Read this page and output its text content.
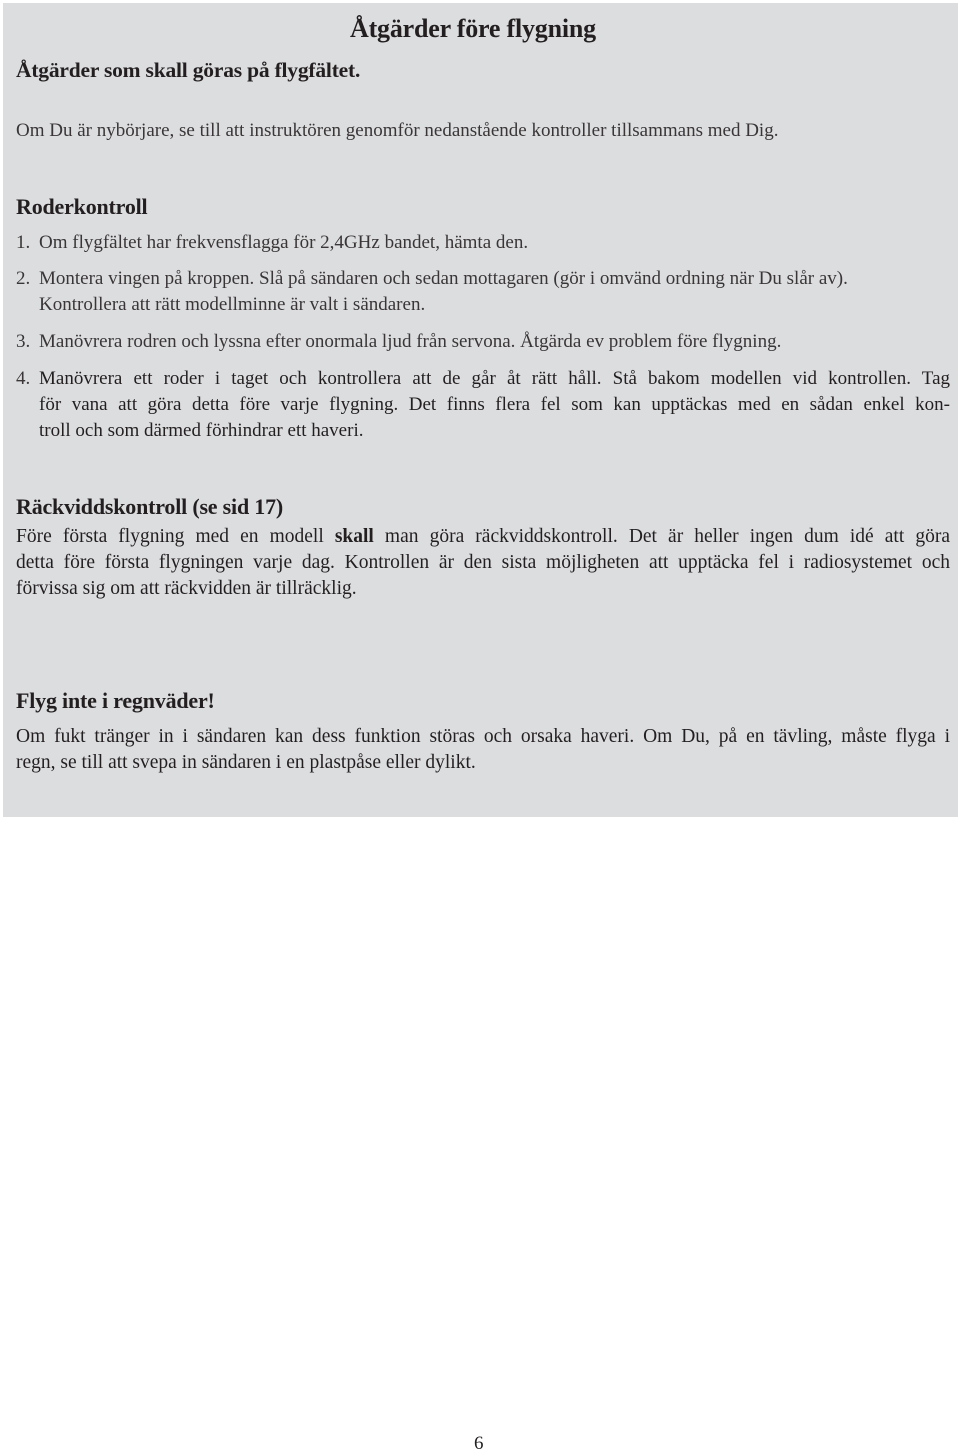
Åtgärder före flygning
Åtgärder som skall göras på flygfältet.
Om Du är nybörjare, se till att instruktören genomför nedanstående kontroller tillsammans med Dig.
Roderkontroll
1. Om flygfältet har frekvensflagga för 2,4GHz bandet, hämta den.
2. Montera vingen på kroppen. Slå på sändaren och sedan mottagaren (gör i omvänd ordning när Du slår av).
Kontrollera att rätt modellminne är valt i sändaren.
3. Manövrera rodren och lyssna efter onormala ljud från servona. Åtgärda ev problem före flygning.
4. Manövrera ett roder i taget och kontrollera att de går åt rätt håll. Stå bakom modellen vid kontrollen. Tag
för vana att göra detta före varje flygning. Det finns flera fel som kan upptäckas med en sådan enkel kon-
troll och som därmed förhindrar ett haveri.
Räckviddskontroll (se sid 17)
Före första flygning med en modell skall man göra räckviddskontroll. Det är heller ingen dum idé att göra
detta före första flygningen varje dag. Kontrollen är den sista möjligheten att upptäcka fel i radiosystemet och
förvissa sig om att räckvidden är tillräcklig.
Flyg inte i regnväder!
Om fukt tränger in i sändaren kan dess funktion störas och orsaka haveri. Om Du, på en tävling, måste flyga i
regn, se till att svepa in sändaren i en plastpåse eller dylikt.
6
